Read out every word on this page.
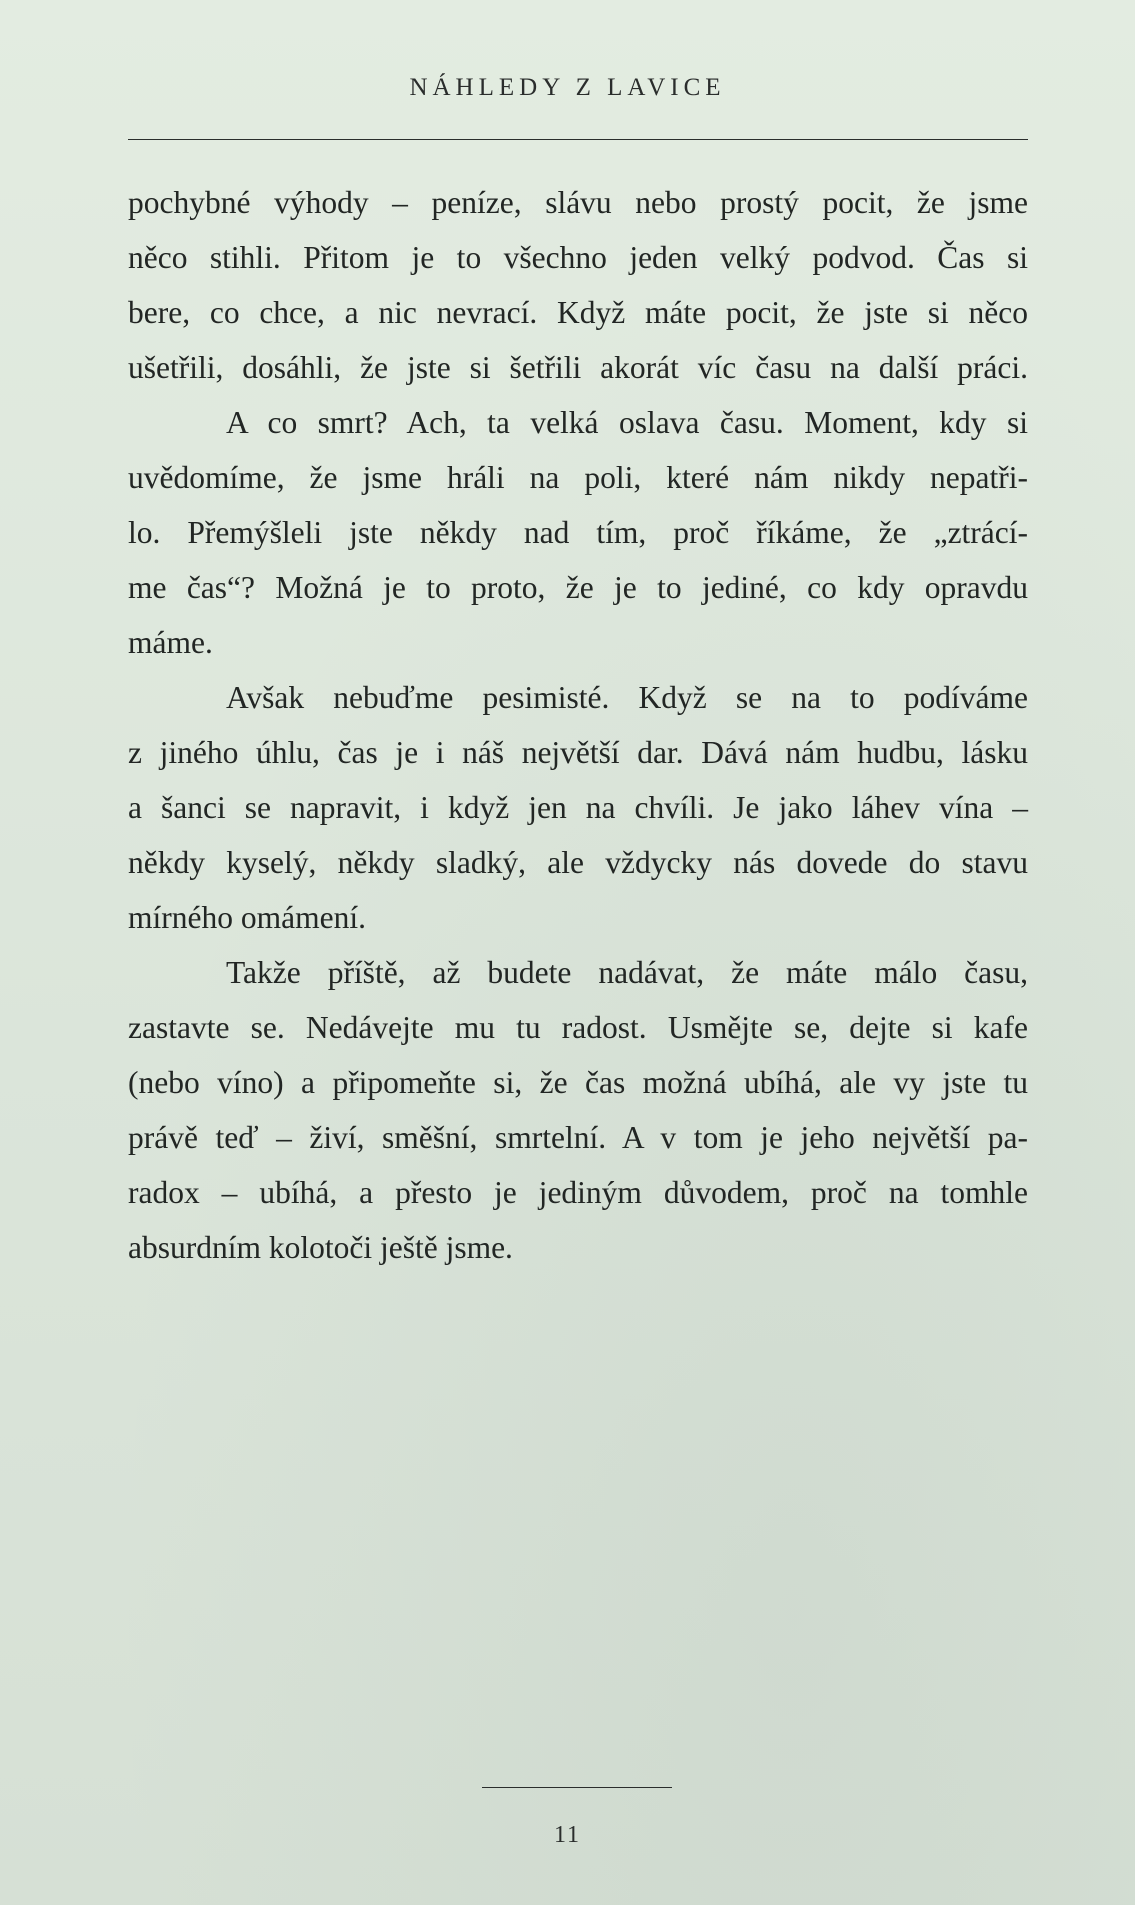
NÁHLEDY Z LAVICE
pochybné výhody – peníze, slávu nebo prostý pocit, že jsme
něco stihli. Přitom je to všechno jeden velký podvod. Čas si
bere, co chce, a nic nevrací. Když máte pocit, že jste si něco
ušetřili, dosáhli, že jste si šetřili akorát víc času na další práci.
A co smrt? Ach, ta velká oslava času. Moment, kdy si
uvědomíme, že jsme hráli na poli, které nám nikdy nepatři-
lo. Přemýšleli jste někdy nad tím, proč říkáme, že „ztrácí-
me čas“? Možná je to proto, že je to jediné, co kdy opravdu
máme.
Avšak nebuďme pesimisté. Když se na to podíváme
z jiného úhlu, čas je i náš největší dar. Dává nám hudbu, lásku
a šanci se napravit, i když jen na chvíli. Je jako láhev vína –
někdy kyselý, někdy sladký, ale vždycky nás dovede do stavu
mírného omámení.
Takže příště, až budete nadávat, že máte málo času,
zastavte se. Nedávejte mu tu radost. Usmějte se, dejte si kafe
(nebo víno) a připomeňte si, že čas možná ubíhá, ale vy jste tu
právě teď – živí, směšní, smrtelní. A v tom je jeho největší pa-
radox – ubíhá, a přesto je jediným důvodem, proč na tomhle
absurdním kolotoči ještě jsme.
11
